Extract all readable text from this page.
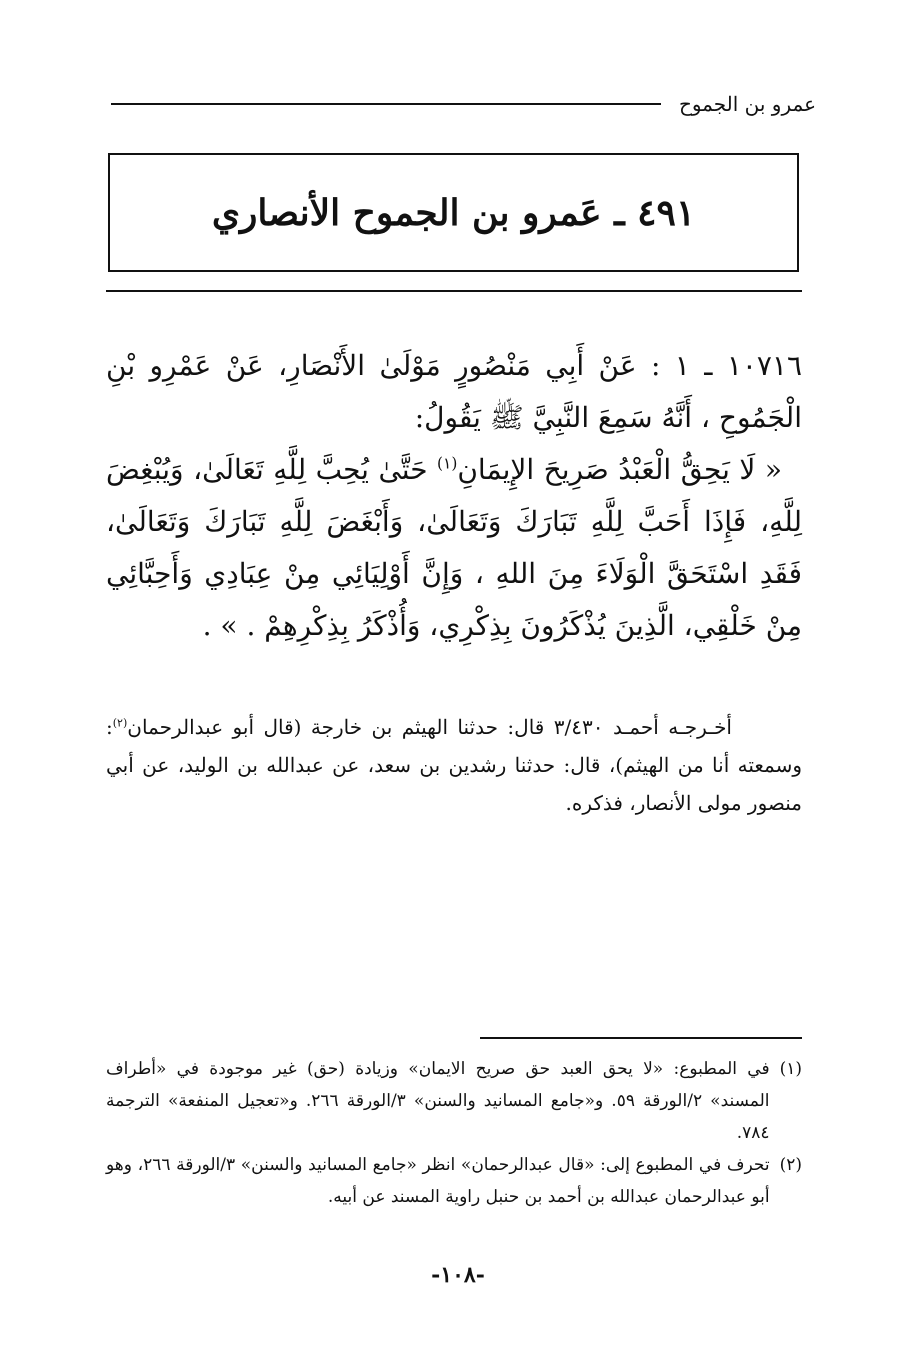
عمرو بن الجموح
٤٩١ ـ عَمرو بن الجموح الأنصاري

١٠٧١٦ ـ ١ : عَنْ أَبِي مَنْصُورٍ مَوْلَىٰ الأَنْصَارِ، عَنْ عَمْرِو بْنِ الْجَمُوحِ ، أَنَّهُ سَمِعَ النَّبِيَّ ﷺ يَقُولُ:

« لَا يَحِقُّ الْعَبْدُ صَرِيحَ الإِيمَانِ$^{(١)}$ حَتَّىٰ يُحِبَّ لِلَّهِ تَعَالَىٰ، وَيُبْغِضَ لِلَّهِ، فَإِذَا أَحَبَّ لِلَّهِ تَبَارَكَ وَتَعَالَىٰ، وَأَبْغَضَ لِلَّهِ تَبَارَكَ وَتَعَالَىٰ، فَقَدِ اسْتَحَقَّ الْوَلَاءَ مِنَ اللهِ ، وَإِنَّ أَوْلِيَائِي مِنْ عِبَادِي وَأَحِبَّائِي مِنْ خَلْقِي، الَّذِينَ يُذْكَرُونَ بِذِكْرِي، وَأُذْكَرُ بِذِكْرِهِمْ . » .

أخـرجـه أحمـد ٣/٤٣٠ قال: حدثنا الهيثم بن خارجة (قال أبو عبدالرحمان$^{(٢)}$: وسمعته أنا من الهيثم)، قال: حدثنا رشدين بن سعد، عن عبدالله بن الوليد، عن أبي منصور مولى الأنصار، فذكره.
(١)
في المطبوع: «لا يحق العبد حق صريح الايمان» وزيادة (حق) غير موجودة في «أطراف المسند» ٢/الورقة ٥٩. و«جامع المسانيد والسنن» ٣/الورقة ٢٦٦. و«تعجيل المنفعة» الترجمة ٧٨٤.
(٢)
تحرف في المطبوع إلى: «قال عبدالرحمان» انظر «جامع المسانيد والسنن» ٣/الورقة ٢٦٦، وهو أبو عبدالرحمان عبدالله بن أحمد بن حنبل راوية المسند عن أبيه.
-١٠٨-
